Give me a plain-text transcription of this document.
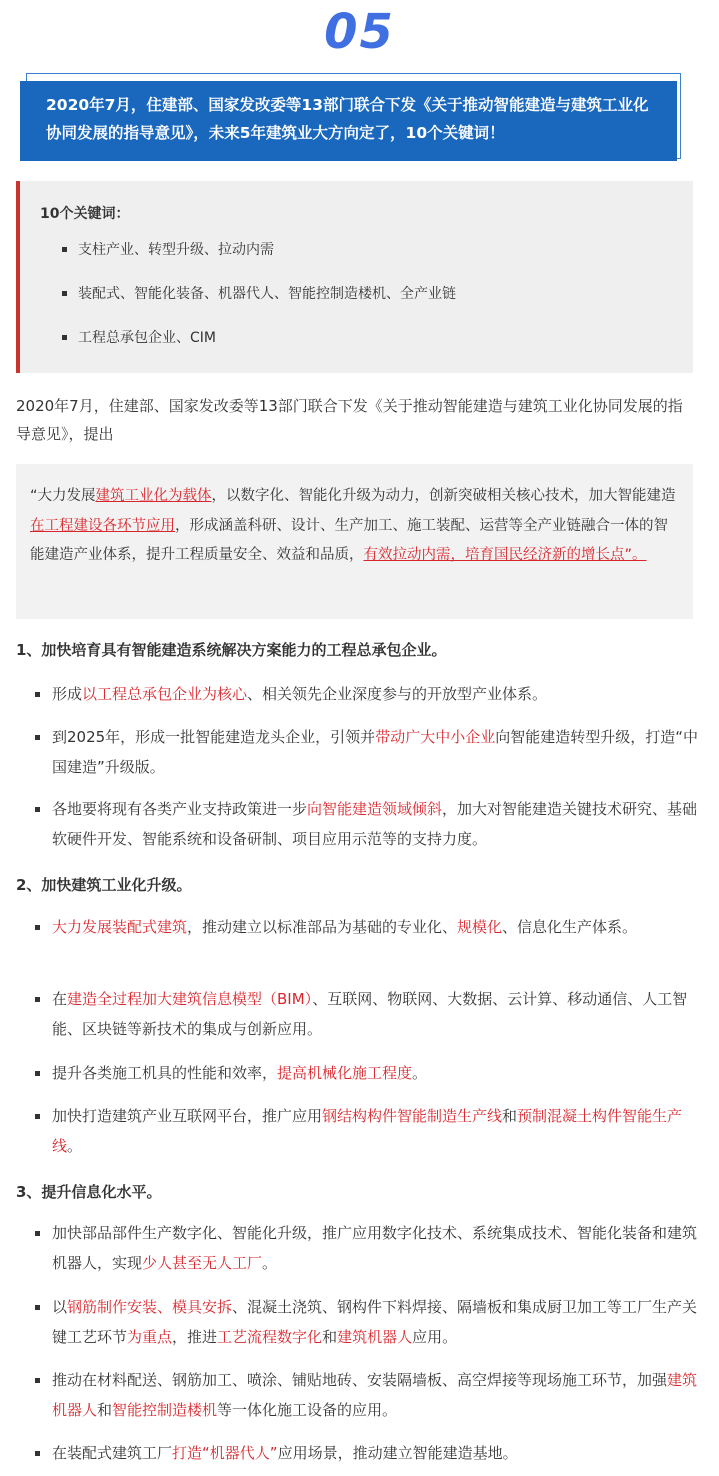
05
2020年7月，住建部、国家发改委等13部门联合下发《关于推动智能建造与建筑工业化协同发展的指导意见》，未来5年建筑业大方向定了，10个关键词！
10个关键词：
支柱产业、转型升级、拉动内需
装配式、智能化装备、机器代人、智能控制造楼机、全产业链
工程总承包企业、CIM
2020年7月，住建部、国家发改委等13部门联合下发《关于推动智能建造与建筑工业化协同发展的指导意见》，提出
“大力发展建筑工业化为载体，以数字化、智能化升级为动力，创新突破相关核心技术，加大智能建造在工程建设各环节应用，形成涵盖科研、设计、生产加工、施工装配、运营等全产业链融合一体的智能建造产业体系，提升工程质量安全、效益和品质，有效拉动内需，培育国民经济新的增长点”。
1、加快培育具有智能建造系统解决方案能力的工程总承包企业。
形成以工程总承包企业为核心、相关领先企业深度参与的开放型产业体系。
到2025年，形成一批智能建造龙头企业，引领并带动广大中小企业向智能建造转型升级，打造“中国建造”升级版。
各地要将现有各类产业支持政策进一步向智能建造领域倾斜，加大对智能建造关键技术研究、基础软硬件开发、智能系统和设备研制、项目应用示范等的支持力度。
2、加快建筑工业化升级。
大力发展装配式建筑，推动建立以标准部品为基础的专业化、规模化、信息化生产体系。
在建造全过程加大建筑信息模型（BIM）、互联网、物联网、大数据、云计算、移动通信、人工智能、区块链等新技术的集成与创新应用。
提升各类施工机具的性能和效率，提高机械化施工程度。
加快打造建筑产业互联网平台，推广应用钢结构构件智能制造生产线和预制混凝土构件智能生产线。
3、提升信息化水平。
加快部品部件生产数字化、智能化升级，推广应用数字化技术、系统集成技术、智能化装备和建筑机器人，实现少人甚至无人工厂。
以钢筋制作安装、模具安拆、混凝土浇筑、钢构件下料焊接、隔墙板和集成厨卫加工等工厂生产关键工艺环节为重点，推进工艺流程数字化和建筑机器人应用。
推动在材料配送、钢筋加工、喷涂、铺贴地砖、安装隔墙板、高空焊接等现场施工环节，加强建筑机器人和智能控制造楼机等一体化施工设备的应用。
在装配式建筑工厂打造“机器代人”应用场景，推动建立智能建造基地。
